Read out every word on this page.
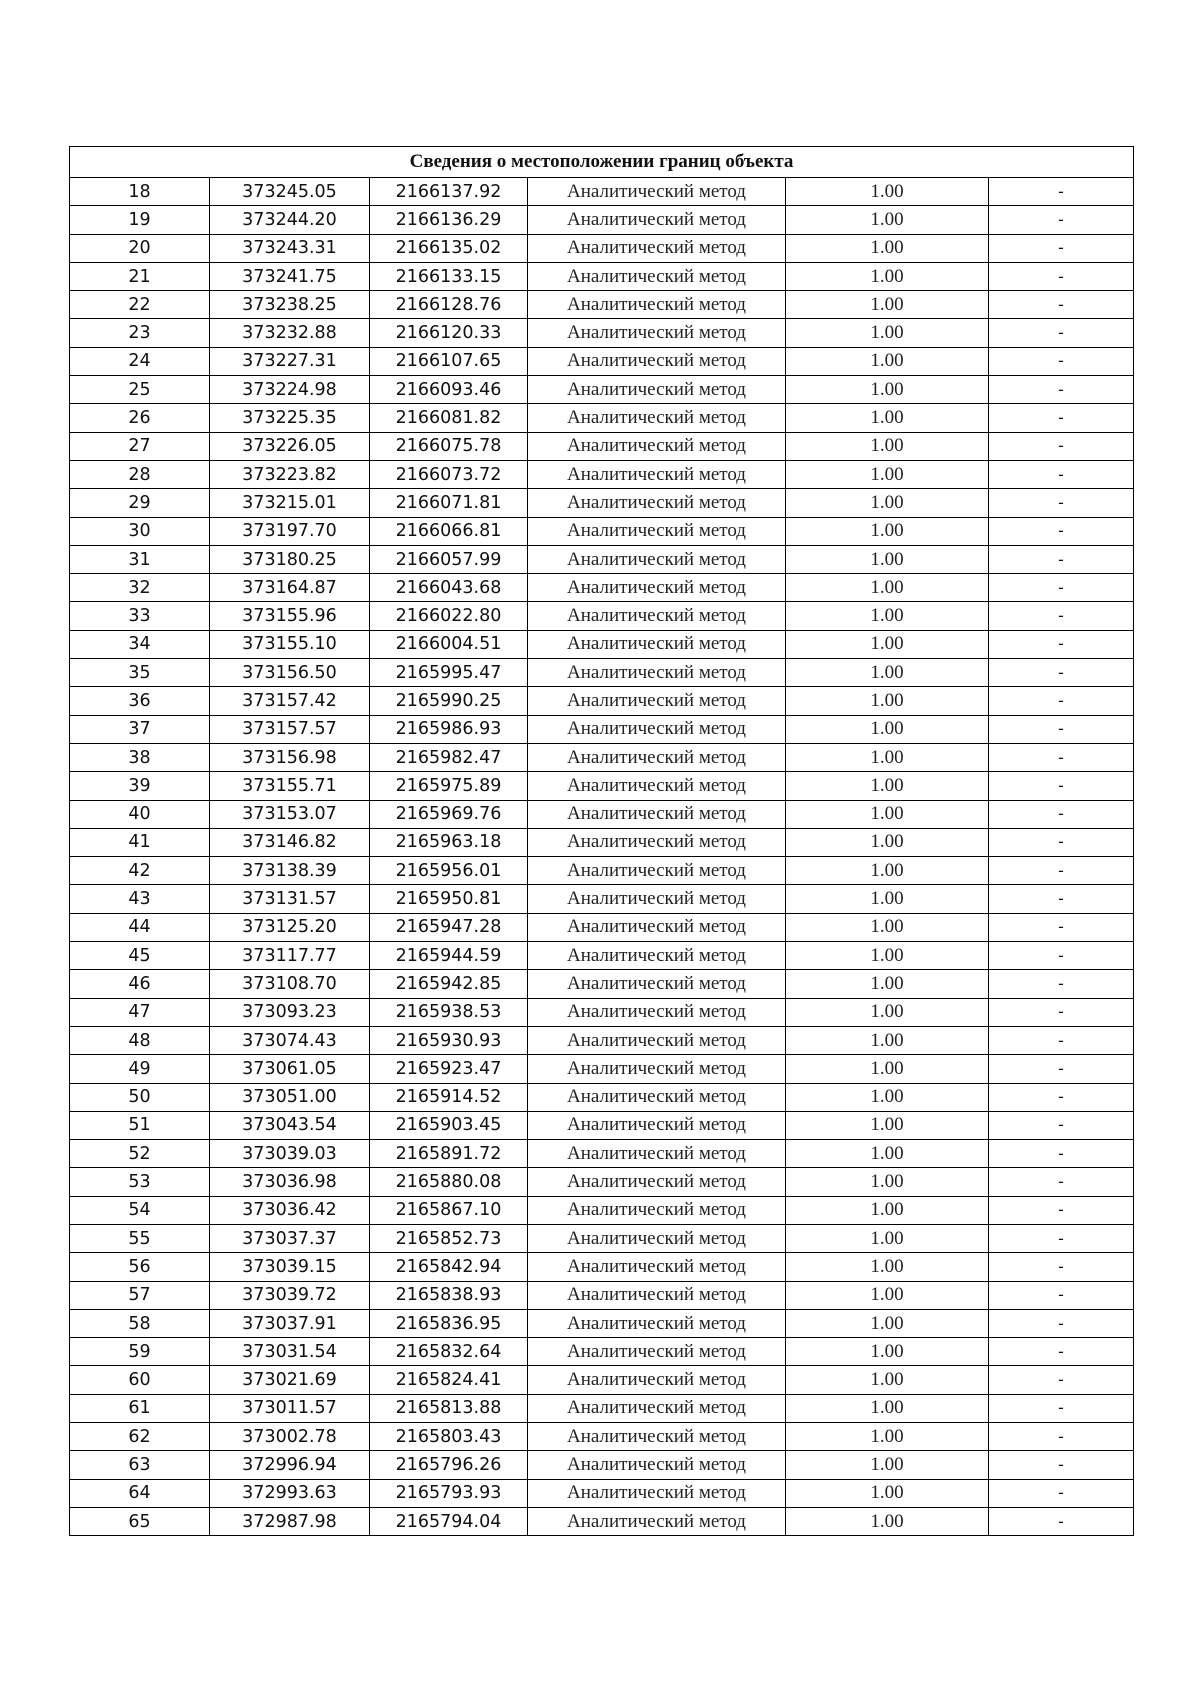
Сведения о местоположении границ объекта					
18	373245.05	2166137.92	Аналитический метод	1.00	-
19	373244.20	2166136.29	Аналитический метод	1.00	-
20	373243.31	2166135.02	Аналитический метод	1.00	-
21	373241.75	2166133.15	Аналитический метод	1.00	-
22	373238.25	2166128.76	Аналитический метод	1.00	-
23	373232.88	2166120.33	Аналитический метод	1.00	-
24	373227.31	2166107.65	Аналитический метод	1.00	-
25	373224.98	2166093.46	Аналитический метод	1.00	-
26	373225.35	2166081.82	Аналитический метод	1.00	-
27	373226.05	2166075.78	Аналитический метод	1.00	-
28	373223.82	2166073.72	Аналитический метод	1.00	-
29	373215.01	2166071.81	Аналитический метод	1.00	-
30	373197.70	2166066.81	Аналитический метод	1.00	-
31	373180.25	2166057.99	Аналитический метод	1.00	-
32	373164.87	2166043.68	Аналитический метод	1.00	-
33	373155.96	2166022.80	Аналитический метод	1.00	-
34	373155.10	2166004.51	Аналитический метод	1.00	-
35	373156.50	2165995.47	Аналитический метод	1.00	-
36	373157.42	2165990.25	Аналитический метод	1.00	-
37	373157.57	2165986.93	Аналитический метод	1.00	-
38	373156.98	2165982.47	Аналитический метод	1.00	-
39	373155.71	2165975.89	Аналитический метод	1.00	-
40	373153.07	2165969.76	Аналитический метод	1.00	-
41	373146.82	2165963.18	Аналитический метод	1.00	-
42	373138.39	2165956.01	Аналитический метод	1.00	-
43	373131.57	2165950.81	Аналитический метод	1.00	-
44	373125.20	2165947.28	Аналитический метод	1.00	-
45	373117.77	2165944.59	Аналитический метод	1.00	-
46	373108.70	2165942.85	Аналитический метод	1.00	-
47	373093.23	2165938.53	Аналитический метод	1.00	-
48	373074.43	2165930.93	Аналитический метод	1.00	-
49	373061.05	2165923.47	Аналитический метод	1.00	-
50	373051.00	2165914.52	Аналитический метод	1.00	-
51	373043.54	2165903.45	Аналитический метод	1.00	-
52	373039.03	2165891.72	Аналитический метод	1.00	-
53	373036.98	2165880.08	Аналитический метод	1.00	-
54	373036.42	2165867.10	Аналитический метод	1.00	-
55	373037.37	2165852.73	Аналитический метод	1.00	-
56	373039.15	2165842.94	Аналитический метод	1.00	-
57	373039.72	2165838.93	Аналитический метод	1.00	-
58	373037.91	2165836.95	Аналитический метод	1.00	-
59	373031.54	2165832.64	Аналитический метод	1.00	-
60	373021.69	2165824.41	Аналитический метод	1.00	-
61	373011.57	2165813.88	Аналитический метод	1.00	-
62	373002.78	2165803.43	Аналитический метод	1.00	-
63	372996.94	2165796.26	Аналитический метод	1.00	-
64	372993.63	2165793.93	Аналитический метод	1.00	-
65	372987.98	2165794.04	Аналитический метод	1.00	-
